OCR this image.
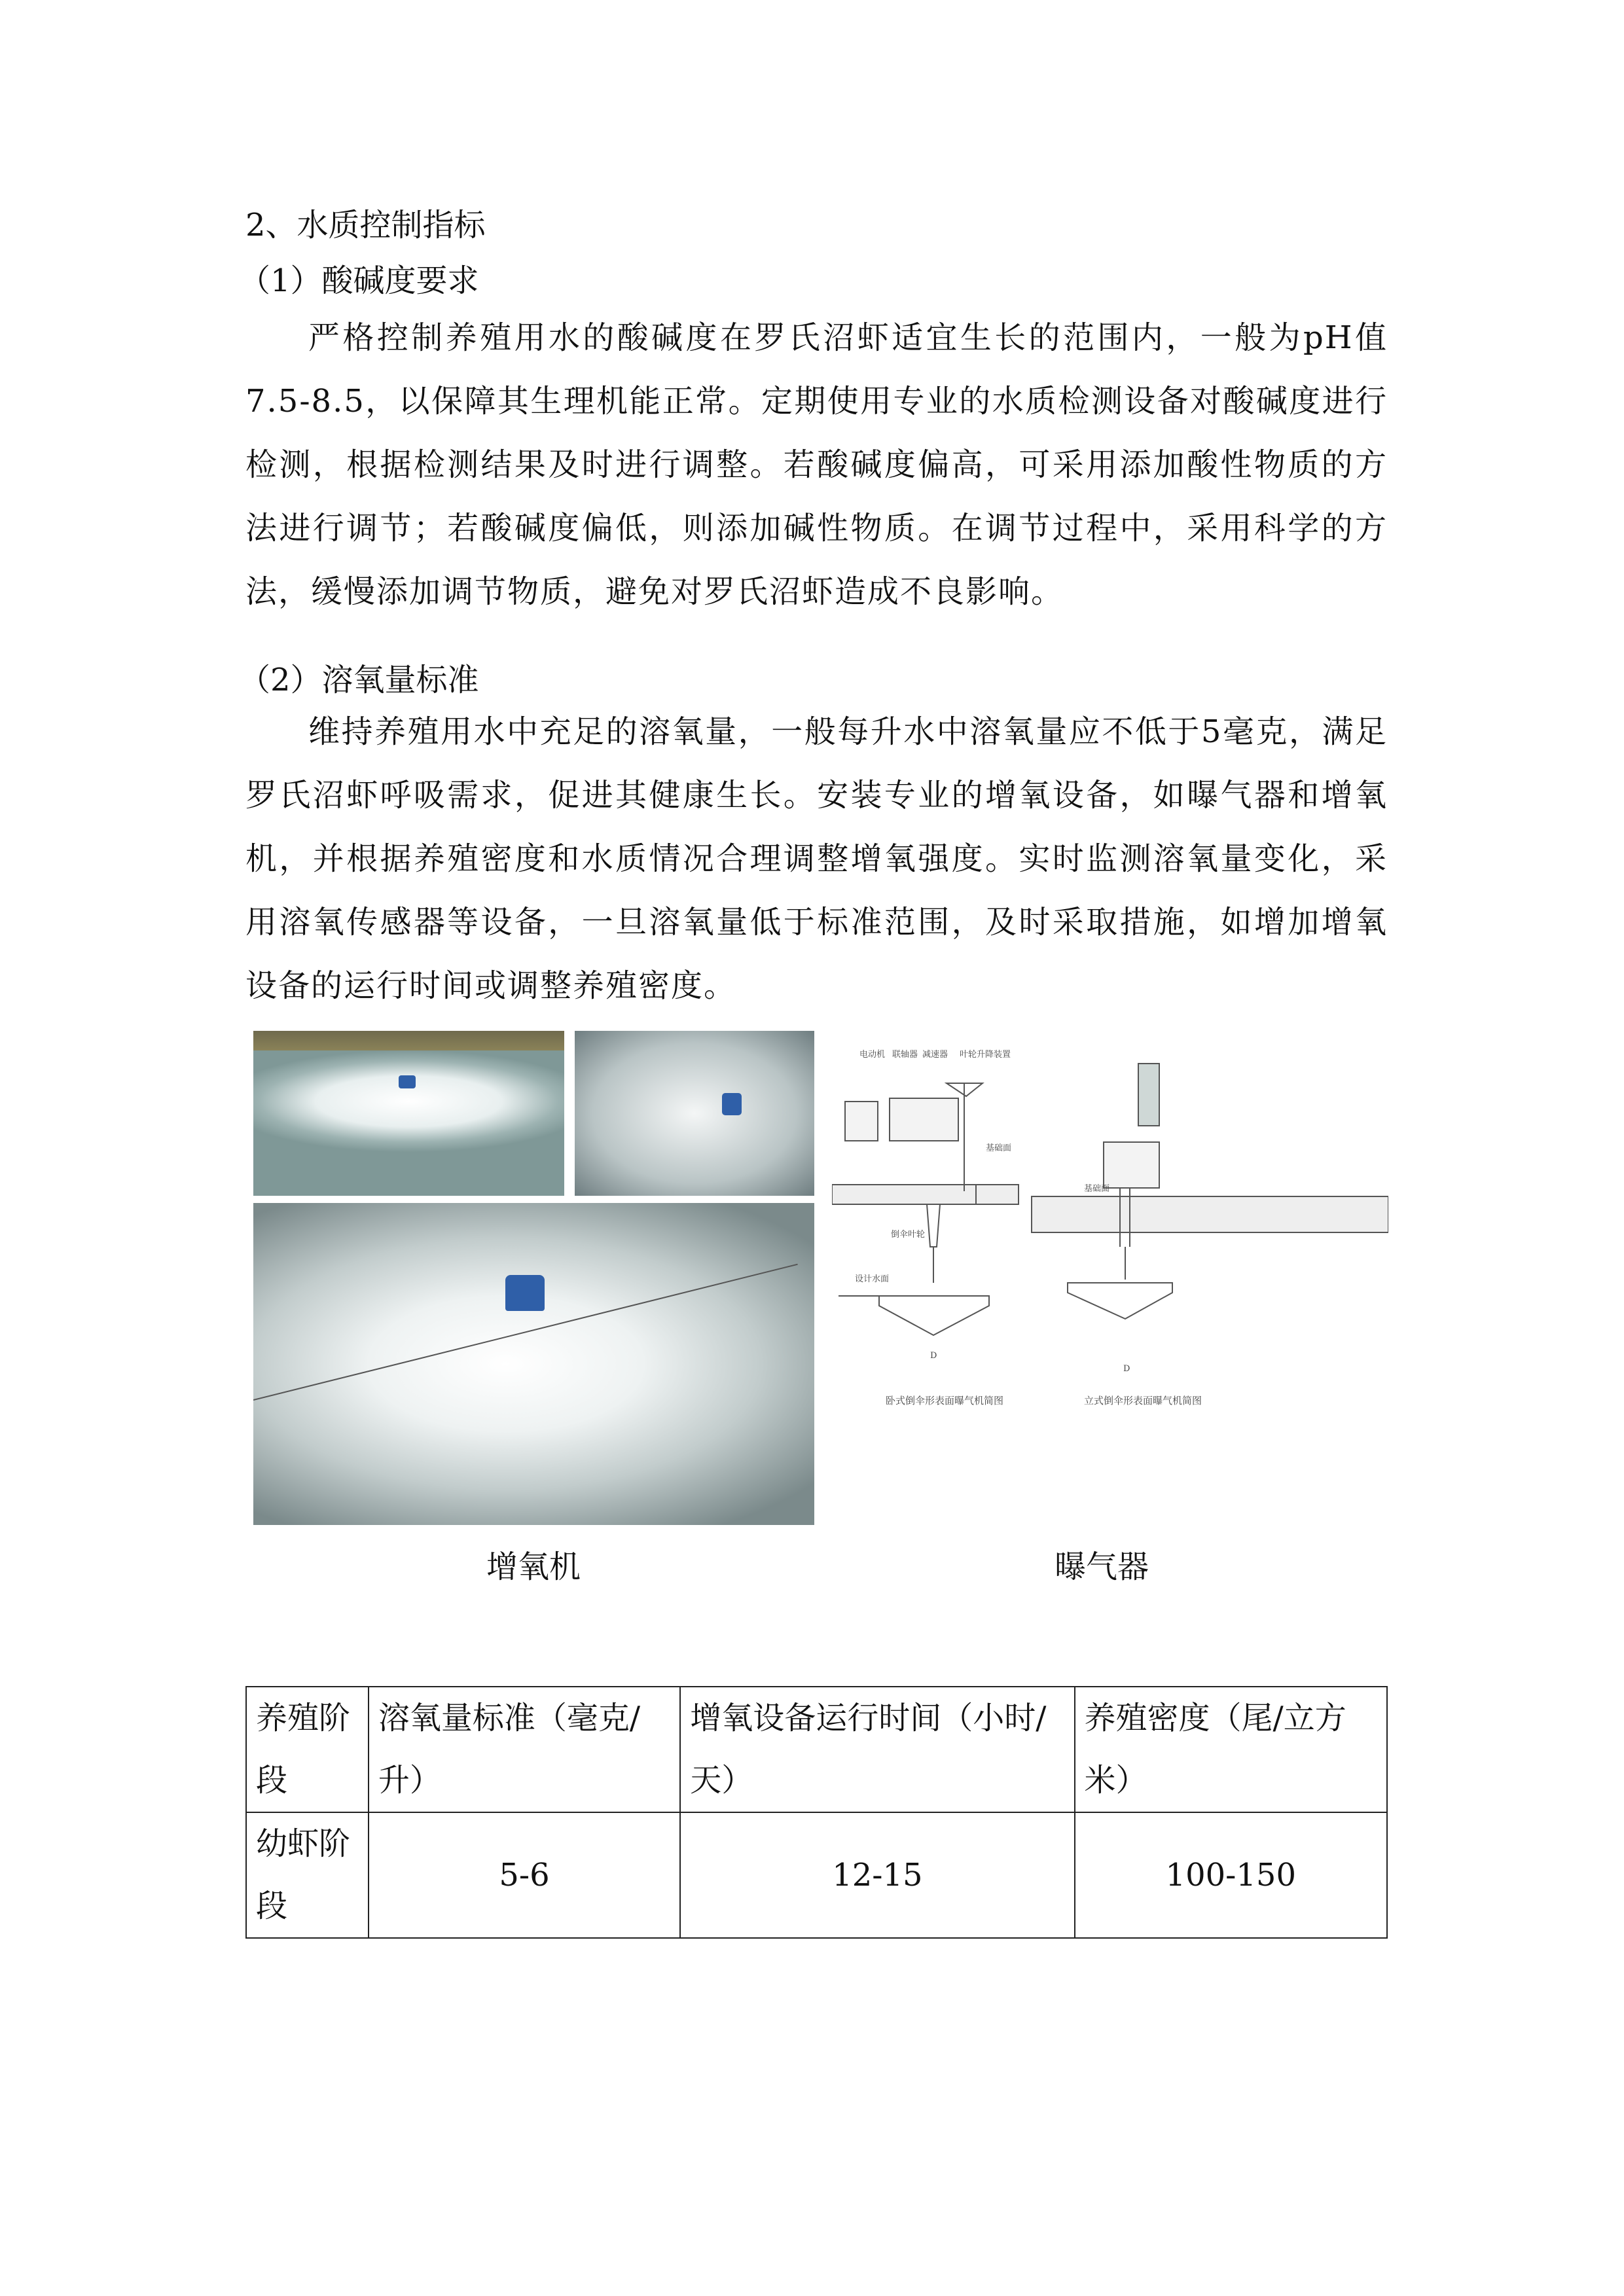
2、水质控制指标
（1）酸碱度要求
严格控制养殖用水的酸碱度在罗氏沼虾适宜生长的范围内，一般为pH值7.5-8.5，以保障其生理机能正常。定期使用专业的水质检测设备对酸碱度进行检测，根据检测结果及时进行调整。若酸碱度偏高，可采用添加酸性物质的方法进行调节；若酸碱度偏低，则添加碱性物质。在调节过程中，采用科学的方法，缓慢添加调节物质，避免对罗氏沼虾造成不良影响。
（2）溶氧量标准
维持养殖用水中充足的溶氧量，一般每升水中溶氧量应不低于5毫克，满足罗氏沼虾呼吸需求，促进其健康生长。安装专业的增氧设备，如曝气器和增氧机，并根据养殖密度和水质情况合理调整增氧强度。实时监测溶氧量变化，采用溶氧传感器等设备，一旦溶氧量低于标准范围，及时采取措施，如增加增氧设备的运行时间或调整养殖密度。
电动机 联轴器 减速器 叶轮升降装置
基础面
倒伞叶轮
设计水面
D
卧式倒伞形表面曝气机简图
基础面
D
立式倒伞形表面曝气机简图
增氧机	曝气器
养殖阶段	溶氧量标准（毫克/升）	增氧设备运行时间（小时/天）	养殖密度（尾/立方米）
幼虾阶段	5-6	12-15	100-150
